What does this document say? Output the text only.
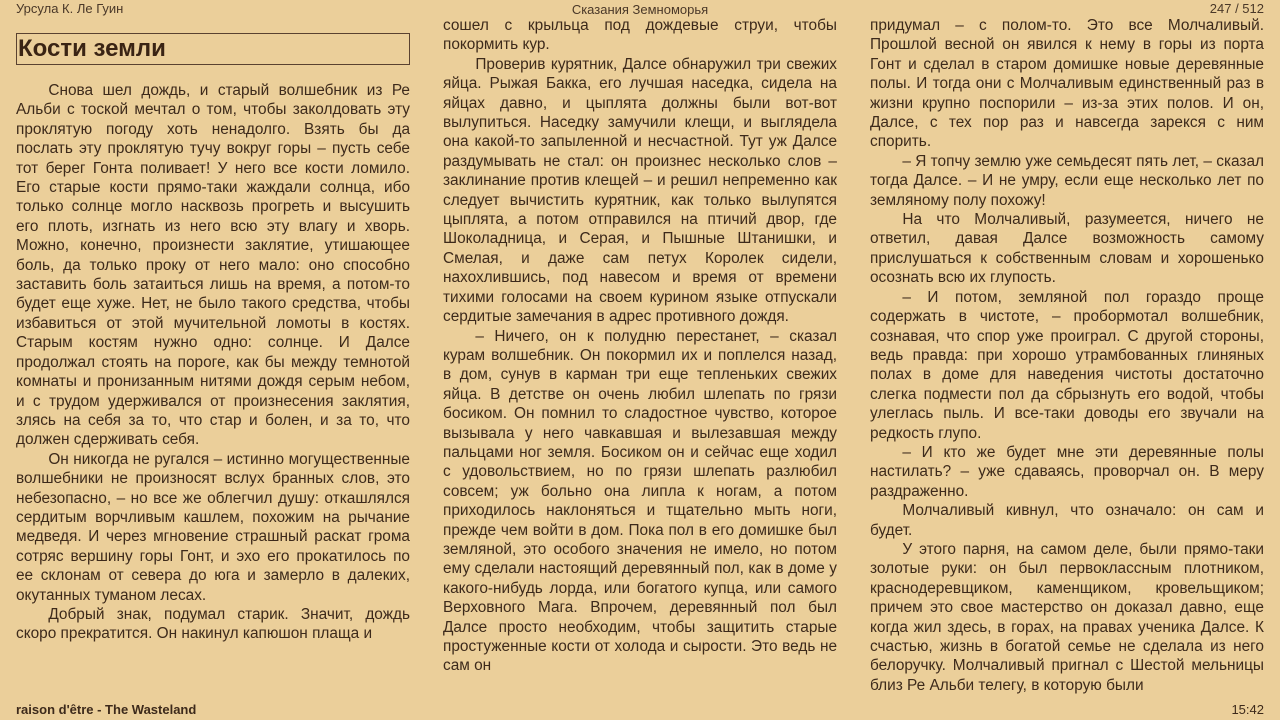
Урсула К. Ле Гуин	Сказания Земноморья	247 / 512
Кости земли

Снова шел дождь, и старый волшебник из Ре Альби с тоской мечтал о том, чтобы заколдовать эту проклятую погоду хоть ненадолго. Взять бы да послать эту проклятую тучу вокруг горы – пусть себе тот берег Гонта поливает! У него все кости ломило. Его старые кости прямо-таки жаждали солнца, ибо только солнце могло насквозь прогреть и высушить его плоть, изгнать из него всю эту влагу и хворь. Можно, конечно, произнести заклятие, утишающее боль, да только проку от него мало: оно способно заставить боль затаиться лишь на время, а потом-то будет еще хуже. Нет, не было такого средства, чтобы избавиться от этой мучительной ломоты в костях. Старым костям нужно одно: солнце. И Далсе продолжал стоять на пороге, как бы между темнотой комнаты и пронизанным нитями дождя серым небом, и с трудом удерживался от произнесения заклятия, злясь на себя за то, что стар и болен, и за то, что должен сдерживать себя.

Он никогда не ругался – истинно могущественные волшебники не произносят вслух бранных слов, это небезопасно, – но все же облегчил душу: откашлялся сердитым ворчливым кашлем, похожим на рычание медведя. И через мгновение страшный раскат грома сотряс вершину горы Гонт, и эхо его прокатилось по ее склонам от севера до юга и замерло в далеких, окутанных туманом лесах.

Добрый знак, подумал старик. Значит, дождь скоро прекратится. Он накинул капюшон плаща и

сошел с крыльца под дождевые струи, чтобы покормить кур.

Проверив курятник, Далсе обнаружил три свежих яйца. Рыжая Бакка, его лучшая наседка, сидела на яйцах давно, и цыплята должны были вот-вот вылупиться. Наседку замучили клещи, и выглядела она какой-то запыленной и несчастной. Тут уж Далсе раздумывать не стал: он произнес несколько слов – заклинание против клещей – и решил непременно как следует вычистить курятник, как только вылупятся цыплята, а потом отправился на птичий двор, где Шоколадница, и Серая, и Пышные Штанишки, и Смелая, и даже сам петух Королек сидели, нахохлившись, под навесом и время от времени тихими голосами на своем курином языке отпускали сердитые замечания в адрес противного дождя.

– Ничего, он к полудню перестанет, – сказал курам волшебник. Он покормил их и поплелся назад, в дом, сунув в карман три еще тепленьких свежих яйца. В детстве он очень любил шлепать по грязи босиком. Он помнил то сладостное чувство, которое вызывала у него чавкавшая и вылезавшая между пальцами ног земля. Босиком он и сейчас еще ходил с удовольствием, но по грязи шлепать разлюбил совсем; уж больно она липла к ногам, а потом приходилось наклоняться и тщательно мыть ноги, прежде чем войти в дом. Пока пол в его домишке был земляной, это особого значения не имело, но потом ему сделали настоящий деревянный пол, как в доме у какого-нибудь лорда, или богатого купца, или самого Верховного Мага. Впрочем, деревянный пол был Далсе просто необходим, чтобы защитить старые простуженные кости от холода и сырости. Это ведь не сам он

придумал – с полом-то. Это все Молчаливый. Прошлой весной он явился к нему в горы из порта Гонт и сделал в старом домишке новые деревянные полы. И тогда они с Молчаливым единственный раз в жизни крупно поспорили – из-за этих полов. И он, Далсе, с тех пор раз и навсегда зарекся с ним спорить.

– Я топчу землю уже семьдесят пять лет, – сказал тогда Далсе. – И не умру, если еще несколько лет по земляному полу похожу!

На что Молчаливый, разумеется, ничего не ответил, давая Далсе возможность самому прислушаться к собственным словам и хорошенько осознать всю их глупость.

– И потом, земляной пол гораздо проще содержать в чистоте, – пробормотал волшебник, сознавая, что спор уже проиграл. С другой стороны, ведь правда: при хорошо утрамбованных глиняных полах в доме для наведения чистоты достаточно слегка подмести пол да сбрызнуть его водой, чтобы улеглась пыль. И все-таки доводы его звучали на редкость глупо.

– И кто же будет мне эти деревянные полы настилать? – уже сдаваясь, проворчал он. В меру раздраженно.

Молчаливый кивнул, что означало: он сам и будет.

У этого парня, на самом деле, были прямо-таки золотые руки: он был первоклассным плотником, краснодеревщиком, каменщиком, кровельщиком; причем это свое мастерство он доказал давно, еще когда жил здесь, в горах, на правах ученика Далсе. К счастью, жизнь в богатой семье не сделала из него белоручку. Молчаливый пригнал с Шестой мельницы близ Ре Альби телегу, в которую были

raison d'être - The Wasteland	15:42
